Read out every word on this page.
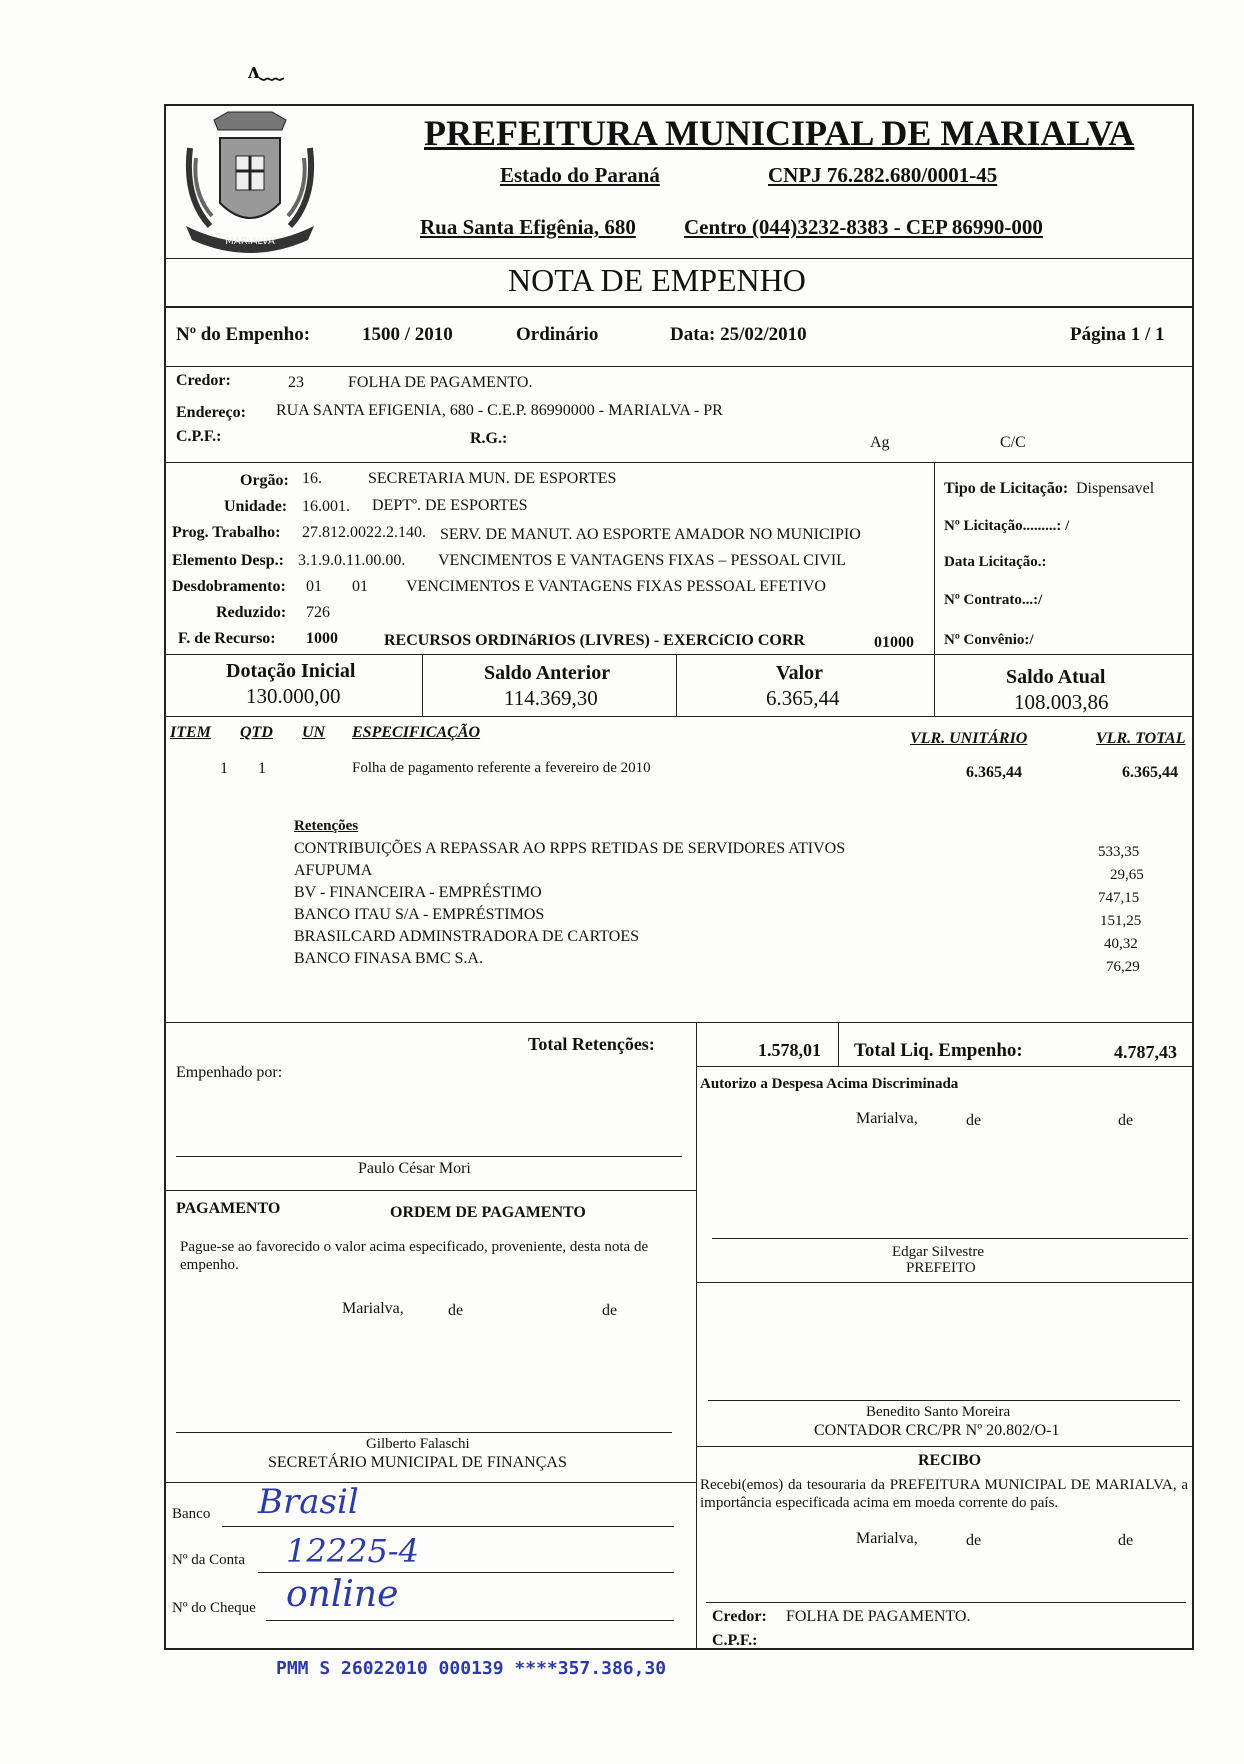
ᴧ﹏
MARIALVA
PREFEITURA MUNICIPAL DE MARIALVA
Estado do Paraná	CNPJ 76.282.680/0001-45
Rua Santa Efigênia, 680 Centro (044)3232-8383 - CEP 86990-000
NOTA DE EMPENHO
Nº do Empenho:	1500 / 2010	Ordinário	Data: 25/02/2010	Página 1 / 1
Credor:	23	FOLHA DE PAGAMENTO.
Endereço: RUA SANTA EFIGENIA, 680 - C.E.P. 86990000 - MARIALVA - PR
C.P.F.:	R.G.:	Ag	C/C
Orgão: 16.	SECRETARIA MUN. DE ESPORTES
Unidade: 16.001. DEPTº. DE ESPORTES
Prog. Trabalho: 27.812.0022.2.140. SERV. DE MANUT. AO ESPORTE AMADOR NO MUNICIPIO
Elemento Desp.: 3.1.9.0.11.00.00. VENCIMENTOS E VANTAGENS FIXAS – PESSOAL CIVIL
Desdobramento: 01 01 VENCIMENTOS E VANTAGENS FIXAS PESSOAL EFETIVO
Reduzido: 726
F. de Recurso: 1000	RECURSOS ORDINáRIOS (LIVRES) - EXERCíCIO CORR	01000
Tipo de Licitação: Dispensavel
Nº Licitação.........: /
Data Licitação.:
Nº Contrato...:/
Nº Convênio:/
Dotação Inicial
130.000,00
Saldo Anterior
114.369,30
Valor
6.365,44
Saldo Atual
108.003,86
ITEM QTD UN ESPECIFICAÇÃO	VLR. UNITÁRIO	VLR. TOTAL
1 1	Folha de pagamento referente a fevereiro de 2010	6.365,44	6.365,44
Retenções
CONTRIBUIÇÕES A REPASSAR AO RPPS RETIDAS DE SERVIDORES ATIVOS	533,35
AFUPUMA	29,65
BV - FINANCEIRA - EMPRÉSTIMO	747,15
BANCO ITAU S/A - EMPRÉSTIMOS	151,25
BRASILCARD ADMINSTRADORA DE CARTOES	40,32
BANCO FINASA BMC S.A.	76,29
Total Retenções:	1.578,01 Total Liq. Empenho:	4.787,43
Empenhado por:
Paulo César Mori
Autorizo a Despesa Acima Discriminada
Marialva,	de	de
Edgar Silvestre
PREFEITO
PAGAMENTO	ORDEM DE PAGAMENTO
Pague-se ao favorecido o valor acima especificado, proveniente, desta nota de empenho.
Marialva,	de	de
Gilberto Falaschi
SECRETÁRIO MUNICIPAL DE FINANÇAS
Benedito Santo Moreira
CONTADOR CRC/PR Nº 20.802/O-1
RECIBO
Recebi(emos) da tesouraria da PREFEITURA MUNICIPAL DE MARIALVA, a importância especificada acima em moeda corrente do país.
Marialva,	de	de
Credor: FOLHA DE PAGAMENTO.
C.P.F.:
Banco Brasil
Nº da Conta 12225-4
Nº do Cheque online
PMM S 26022010 000139 ****357.386,30
